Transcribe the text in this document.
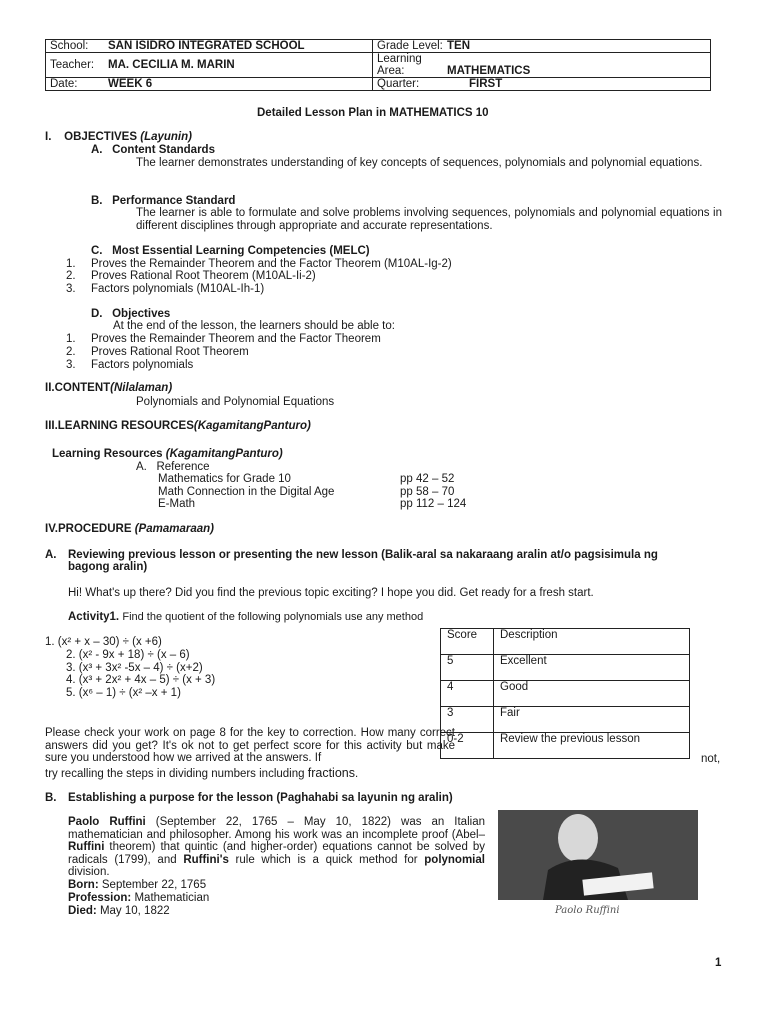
School: SAN ISIDRO INTEGRATED SCHOOL	Grade Level: TEN
Teacher: MA. CECILIA M. MARIN	Learning Area: MATHEMATICS
Date: WEEK 6	Quarter: FIRST
Detailed Lesson Plan in MATHEMATICS 10
I.    OBJECTIVES (Layunin)
A. Content Standards
The learner demonstrates understanding of key concepts of sequences, polynomials and polynomial equations.
B. Performance Standard
The learner is able to formulate and solve problems involving sequences, polynomials and polynomial equations in different disciplines through appropriate and accurate representations.
C. Most Essential Learning Competencies (MELC)
1. Proves the Remainder Theorem and the Factor Theorem (M10AL-Ig-2)
2. Proves Rational Root Theorem (M10AL-Ii-2)
3. Factors polynomials (M10AL-Ih-1)
D. Objectives
At the end of the lesson, the learners should be able to:
1. Proves the Remainder Theorem and the Factor Theorem
2. Proves Rational Root Theorem
3. Factors polynomials
II.CONTENT(Nilalaman)
Polynomials and Polynomial Equations
III.LEARNING RESOURCES(KagamitangPanturo)
Learning Resources (KagamitangPanturo)
A. Reference
Mathematics for Grade 10	pp 42 – 52
Math Connection in the Digital Age	pp 58 – 70
E-Math	pp 112 – 124
IV.PROCEDURE (Pamamaraan)
A. Reviewing previous lesson or presenting the new lesson (Balik-aral sa nakaraang aralin at/o pagsisimula ng
bagong aralin)
Hi! What's up there? Did you find the previous topic exciting? I hope you did. Get ready for a fresh start.
Activity1. Find the quotient of the following polynomials use any method
1. (x² + x – 30) ÷ (x +6)
2. (x² - 9x + 18) ÷ (x – 6)
3. (x³ + 3x² -5x – 4) ÷ (x+2)
4. (x³ + 2x² + 4x – 5) ÷ (x + 3)
5. (x⁶ – 1) ÷ (x² –x + 1)
Score	Description
5	Excellent
4	Good
3	Fair
0-2	Review the previous lesson
Please check your work on page 8 for the key to correction. How many correct answers did you get? It's ok not to get perfect score for this activity but make sure you understood how we arrived at the answers. If	not,
try recalling the steps in dividing numbers including fractions.
B. Establishing a purpose for the lesson (Paghahabi sa layunin ng aralin)
Paolo Ruffini (September 22, 1765 – May 10, 1822) was an Italian mathematician and philosopher. Among his work was an incomplete proof (Abel–Ruffini theorem) that quintic (and higher-order) equations cannot be solved by radicals (1799), and Ruffini's rule which is a quick method for polynomial division.
Born: September 22, 1765
Profession: Mathematician
Died: May 10, 1822	Paolo Ruffini
1
